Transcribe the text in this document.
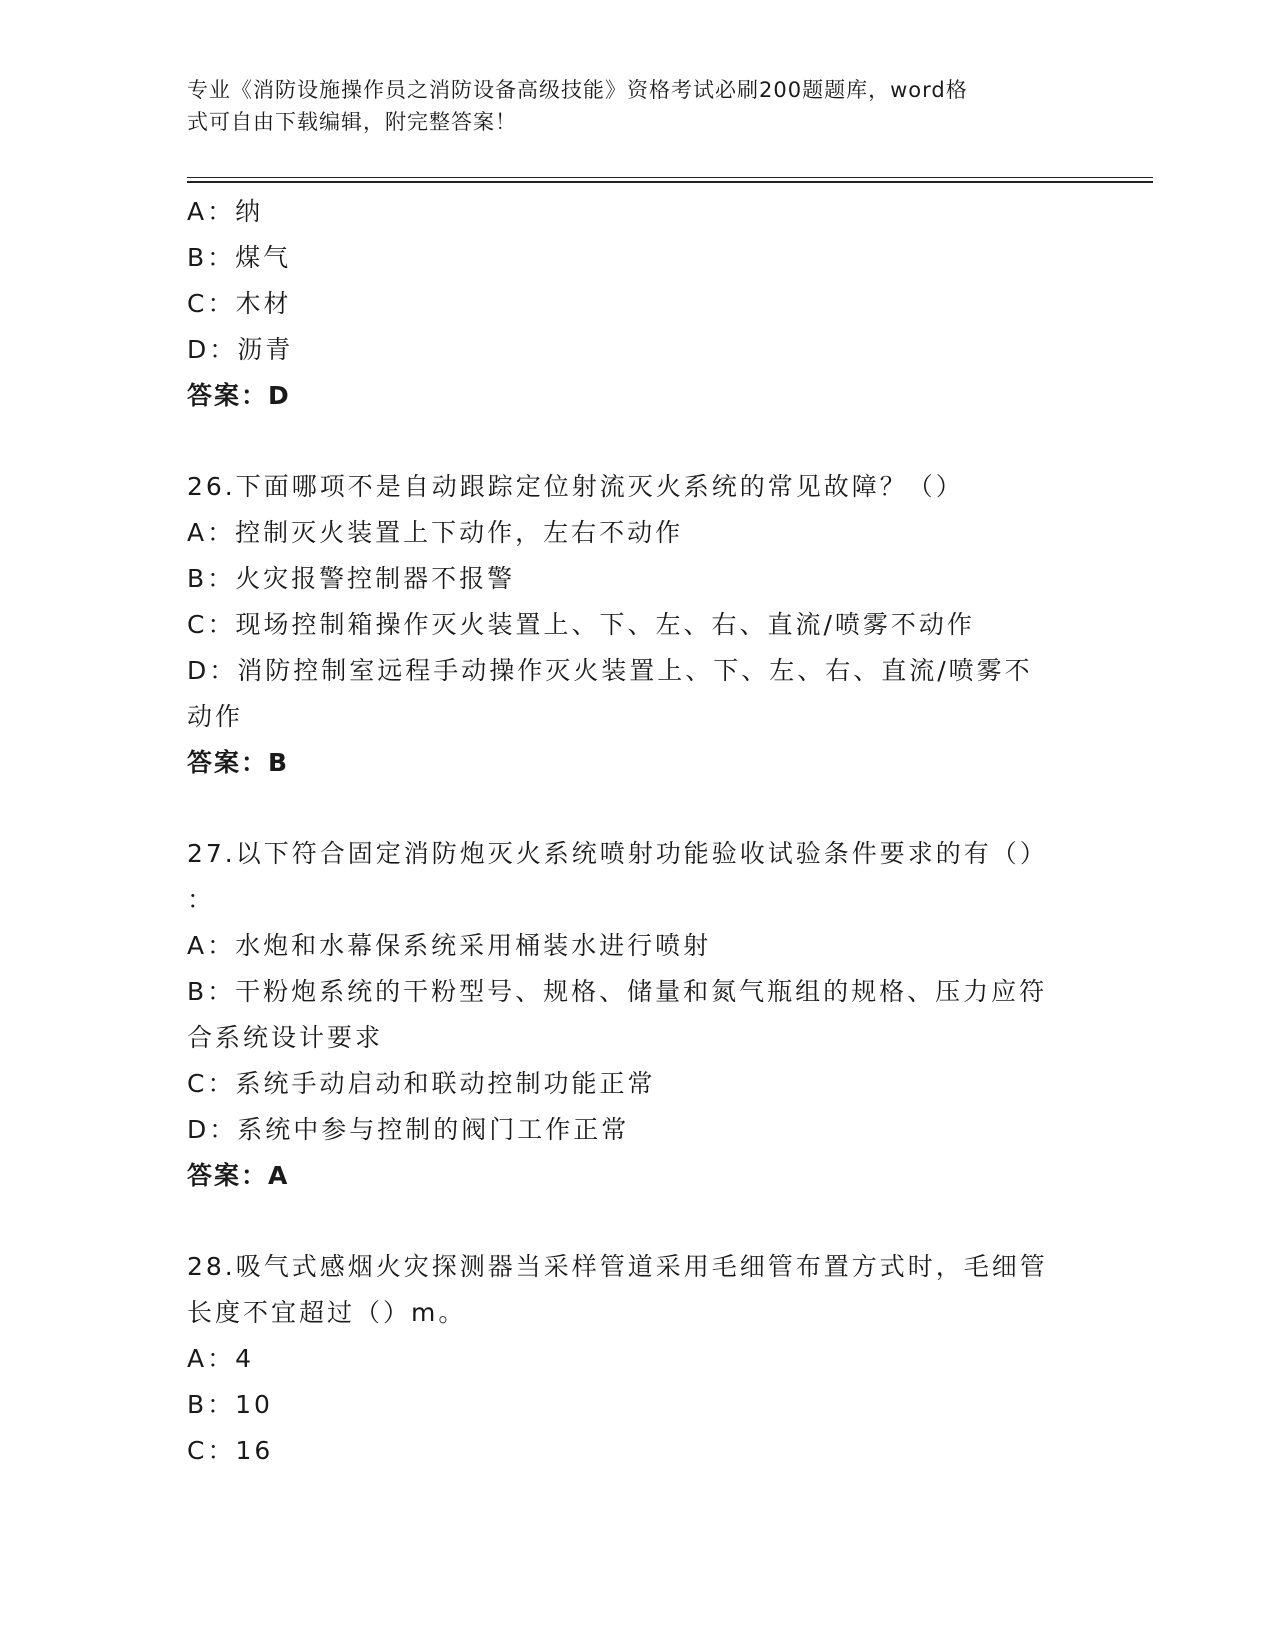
专业《消防设施操作员之消防设备高级技能》资格考试必刷200题题库，word格
式可自由下载编辑，附完整答案！
A：纳
B：煤气
C：木材
D：沥青
答案：D
26.下面哪项不是自动跟踪定位射流灭火系统的常见故障？（）
A：控制灭火装置上下动作，左右不动作
B：火灾报警控制器不报警
C：现场控制箱操作灭火装置上、下、左、右、直流/喷雾不动作
D：消防控制室远程手动操作灭火装置上、下、左、右、直流/喷雾不
动作
答案：B
27.以下符合固定消防炮灭火系统喷射功能验收试验条件要求的有（）
：
A：水炮和水幕保系统采用桶装水进行喷射
B：干粉炮系统的干粉型号、规格、储量和氮气瓶组的规格、压力应符
合系统设计要求
C：系统手动启动和联动控制功能正常
D：系统中参与控制的阀门工作正常
答案：A
28.吸气式感烟火灾探测器当采样管道采用毛细管布置方式时，毛细管
长度不宜超过（）m。
A：4
B：10
C：16
